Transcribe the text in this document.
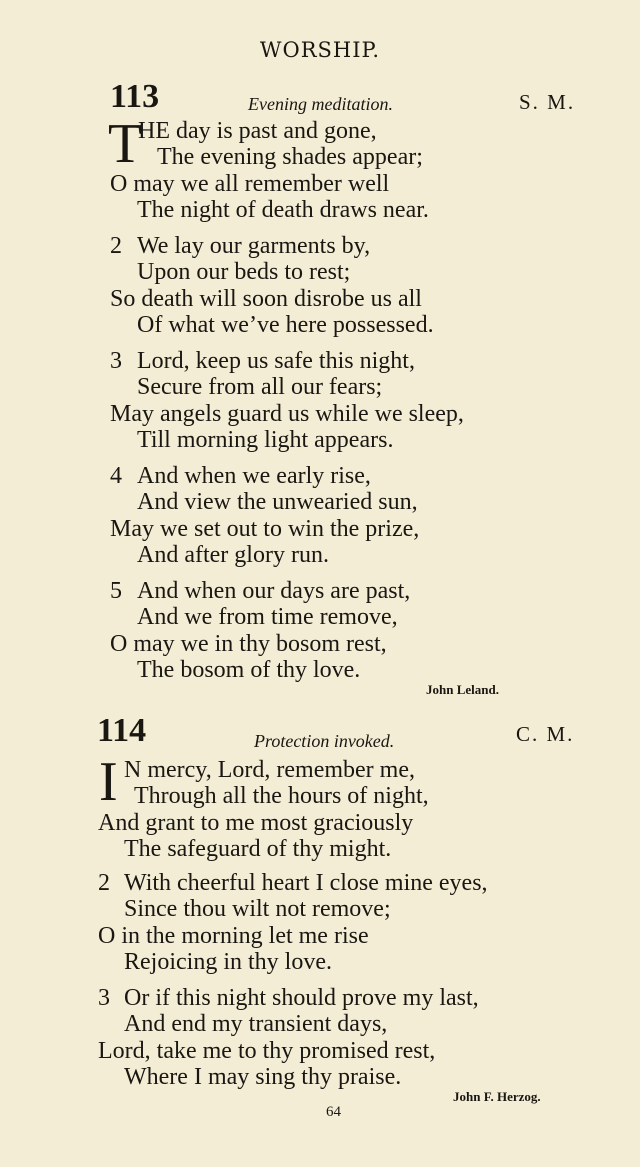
WORSHIP.
113	Evening meditation.	S. M.
T
HE day is past and gone,
The evening shades appear;
O may we all remember well
The night of death draws near.
2 We lay our garments by,
Upon our beds to rest;
So death will soon disrobe us all
Of what we’ve here possessed.
3 Lord, keep us safe this night,
Secure from all our fears;
May angels guard us while we sleep,
Till morning light appears.
4 And when we early rise,
And view the unwearied sun,
May we set out to win the prize,
And after glory run.
5 And when our days are past,
And we from time remove,
O may we in thy bosom rest,
The bosom of thy love.
John Leland.
114	Protection invoked.	C. M.
I N mercy, Lord, remember me,
Through all the hours of night,
And grant to me most graciously
The safeguard of thy might.
2 With cheerful heart I close mine eyes,
Since thou wilt not remove;
O in the morning let me rise
Rejoicing in thy love.
3 Or if this night should prove my last,
And end my transient days,
Lord, take me to thy promised rest,
Where I may sing thy praise.
John F. Herzog.
64
